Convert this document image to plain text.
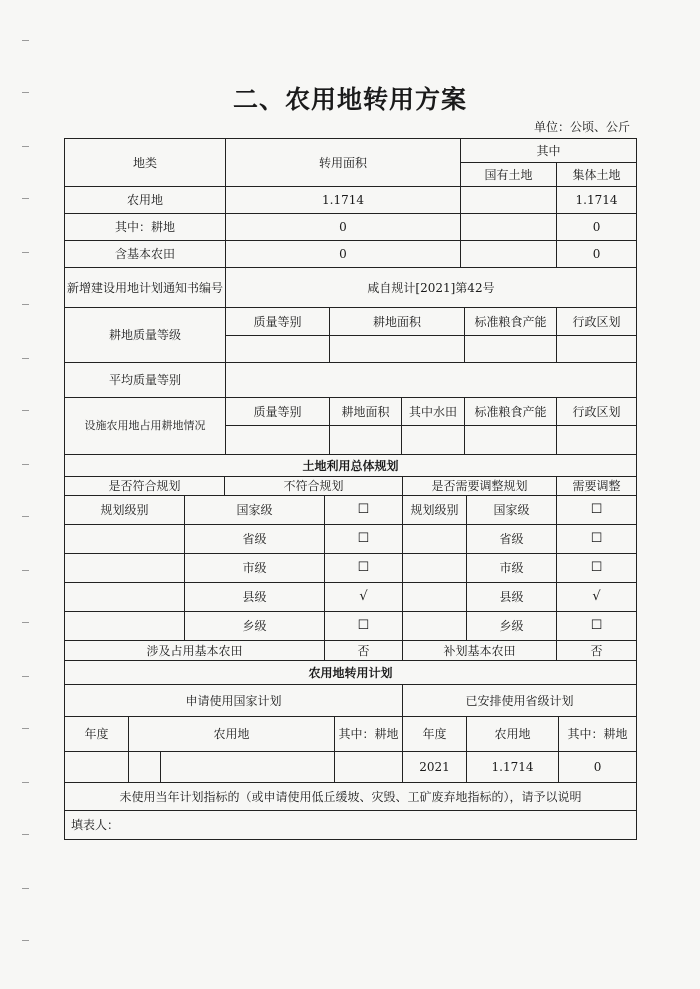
二、农用地转用方案
单位：公顷、公斤
地类	转用面积	其中	
		国有土地	集体土地
农用地	1.1714		1.1714
其中：耕地	0		0
含基本农田	0		0
新增建设用地计划通知书编号	咸自规计[2021]第42号		
耕地质量等级	质量等别	耕地面积		标准粮食产能	行政区划

平均质量等别					
设施农用地占用耕地情况	质量等别	耕地面积	其中水田	标准粮食产能	行政区划

土地利用总体规划						
是否符合规划		不符合规划		是否需要调整规划		需要调整
规划级别	国家级		☐	规划级别	国家级	☐
	省级		☐		省级	☐
	市级		☐		市级	☐
	县级		√		县级	√
	乡级		☐		乡级	☐
涉及占用基本农田			否	补划基本农田		否
农用地转用计划						
申请使用国家计划				已安排使用省级计划		
年度	农用地		其中：耕地	年度	农用地	其中：耕地
				2021	1.1714	0
未使用当年计划指标的（或申请使用低丘缓坡、灾毁、工矿废弃地指标的），请予以说明						
填表人：						
